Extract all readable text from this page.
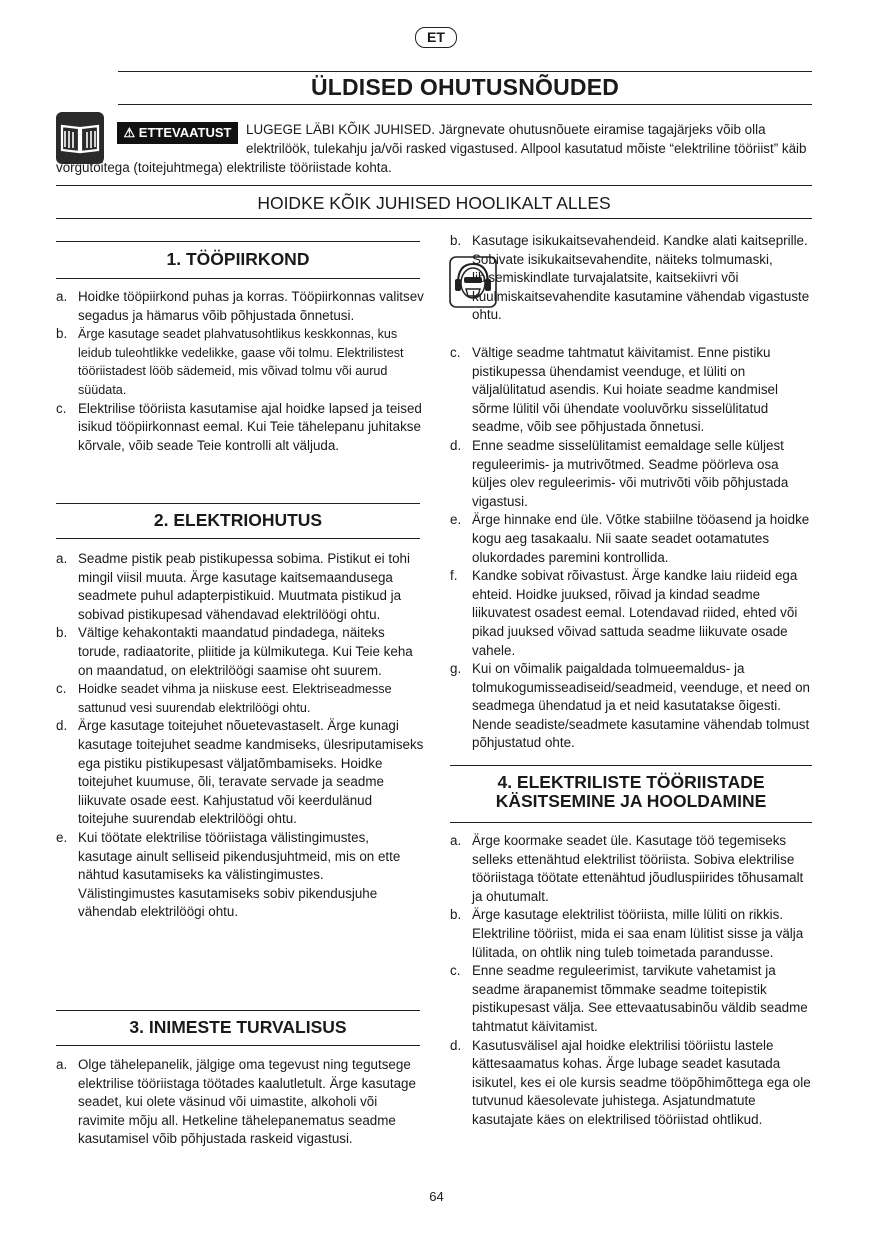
ET
ÜLDISED OHUTUSNÕUDED
⚠ ETTEVAATUST	LUGEGE LÄBI KÕIK JUHISED. Järgnevate ohutusnõuete eiramise tagajärjeks võib olla elektrilöök, tulekahju ja/või rasked vigastused. Allpool kasutatud mõiste “elektriline tööriist” käib võrgutoitega (toitejuhtmega) elektriliste tööriistade kohta.
HOIDKE KÕIK JUHISED HOOLIKALT ALLES
1. TÖÖPIIRKOND
a. Hoidke tööpiirkond puhas ja korras. Tööpiirkonnas valitsev segadus ja hämarus võib põhjustada õnnetusi.
b. Ärge kasutage seadet plahvatusohtlikus keskkonnas, kus leidub tuleohtlikke vedelikke, gaase või tolmu. Elektrilistest tööriistadest lööb sädemeid, mis võivad tolmu või aurud süüdata.
c. Elektrilise tööriista kasutamise ajal hoidke lapsed ja teised isikud tööpiirkonnast eemal. Kui Teie tähelepanu juhitakse kõrvale, võib seade Teie kontrolli alt väljuda.
2. ELEKTRIOHUTUS
a. Seadme pistik peab pistikupessa sobima. Pistikut ei tohi mingil viisil muuta. Ärge kasutage kaitsemaandusega seadmete puhul adapterpistikuid. Muutmata pistikud ja sobivad pistikupesad vähendavad elektrilöögi ohtu.
b. Vältige kehakontakti maandatud pindadega, näiteks torude, radiaatorite, pliitide ja külmikutega. Kui Teie keha on maandatud, on elektrilöögi saamise oht suurem.
c. Hoidke seadet vihma ja niiskuse eest. Elektriseadmesse sattunud vesi suurendab elektrilöögi ohtu.
d. Ärge kasutage toitejuhet nõuetevastaselt. Ärge kunagi kasutage toitejuhet seadme kandmiseks, ülesriputamiseks ega pistiku pistikupesast väljatõmbamiseks. Hoidke toitejuhet kuumuse, õli, teravate servade ja seadme liikuvate osade eest. Kahjustatud või keerdulänud toitejuhe suurendab elektrilöögi ohtu.
e. Kui töötate elektrilise tööriistaga välistingimustes, kasutage ainult selliseid pikendusjuhtmeid, mis on ette nähtud kasutamiseks ka välistingimustes. Välistingimustes kasutamiseks sobiv pikendusjuhe vähendab elektrilöögi ohtu.
3. INIMESTE TURVALISUS
a. Olge tähelepanelik, jälgige oma tegevust ning tegutsege elektrilise tööriistaga töötades kaalutletult. Ärge kasutage seadet, kui olete väsinud või uimastite, alkoholi või ravimite mõju all. Hetkeline tähelepanematus seadme kasutamisel võib põhjustada raskeid vigastusi.
b. Kasutage isikukaitsevahendeid. Kandke alati kaitseprille. Sobivate isikukaitsevahendite, näiteks tolmumaski, libisemiskindlate turvajalatsite, kaitsekiivri või kuulmiskaitsevahendite kasutamine vähendab vigastuste ohtu.
c. Vältige seadme tahtmatut käivitamist. Enne pistiku pistikupessa ühendamist veenduge, et lüliti on väljalülitatud asendis. Kui hoiate seadme kandmisel sõrme lülitil või ühendate vooluvõrku sisselülitatud seadme, võib see põhjustada õnnetusi.
d. Enne seadme sisselülitamist eemaldage selle küljest reguleerimis- ja mutrivõtmed. Seadme pöörleva osa küljes olev reguleerimis- või mutrivõti võib põhjustada vigastusi.
e. Ärge hinnake end üle. Võtke stabiilne tööasend ja hoidke kogu aeg tasakaalu. Nii saate seadet ootamatutes olukordades paremini kontrollida.
f. Kandke sobivat rõivastust. Ärge kandke laiu riideid ega ehteid. Hoidke juuksed, rõivad ja kindad seadme liikuvatest osadest eemal. Lotendavad riided, ehted või pikad juuksed võivad sattuda seadme liikuvate osade vahele.
g. Kui on võimalik paigaldada tolmueemaldus- ja tolmukogumisseadiseid/seadmeid, veenduge, et need on seadmega ühendatud ja et neid kasutatakse õigesti. Nende seadiste/seadmete kasutamine vähendab tolmust põhjustatud ohte.
4. ELEKTRILISTE TÖÖRIISTADE
KÄSITSEMINE JA HOOLDAMINE
a. Ärge koormake seadet üle. Kasutage töö tegemiseks selleks ettenähtud elektrilist tööriista. Sobiva elektrilise tööriistaga töötate ettenähtud jõudluspiirides tõhusamalt ja ohutumalt.
b. Ärge kasutage elektrilist tööriista, mille lüliti on rikkis. Elektriline tööriist, mida ei saa enam lülitist sisse ja välja lülitada, on ohtlik ning tuleb toimetada parandusse.
c. Enne seadme reguleerimist, tarvikute vahetamist ja seadme ärapanemist tõmmake seadme toitepistik pistikupesast välja. See ettevaatusabinõu väldib seadme tahtmatut käivitamist.
d. Kasutusvälisel ajal hoidke elektrilisi tööriistu lastele kättesaamatus kohas. Ärge lubage seadet kasutada isikutel, kes ei ole kursis seadme tööpõhimõttega ega ole tutvunud käesolevate juhistega. Asjatundmatute kasutajate käes on elektrilised tööriistad ohtlikud.
64
